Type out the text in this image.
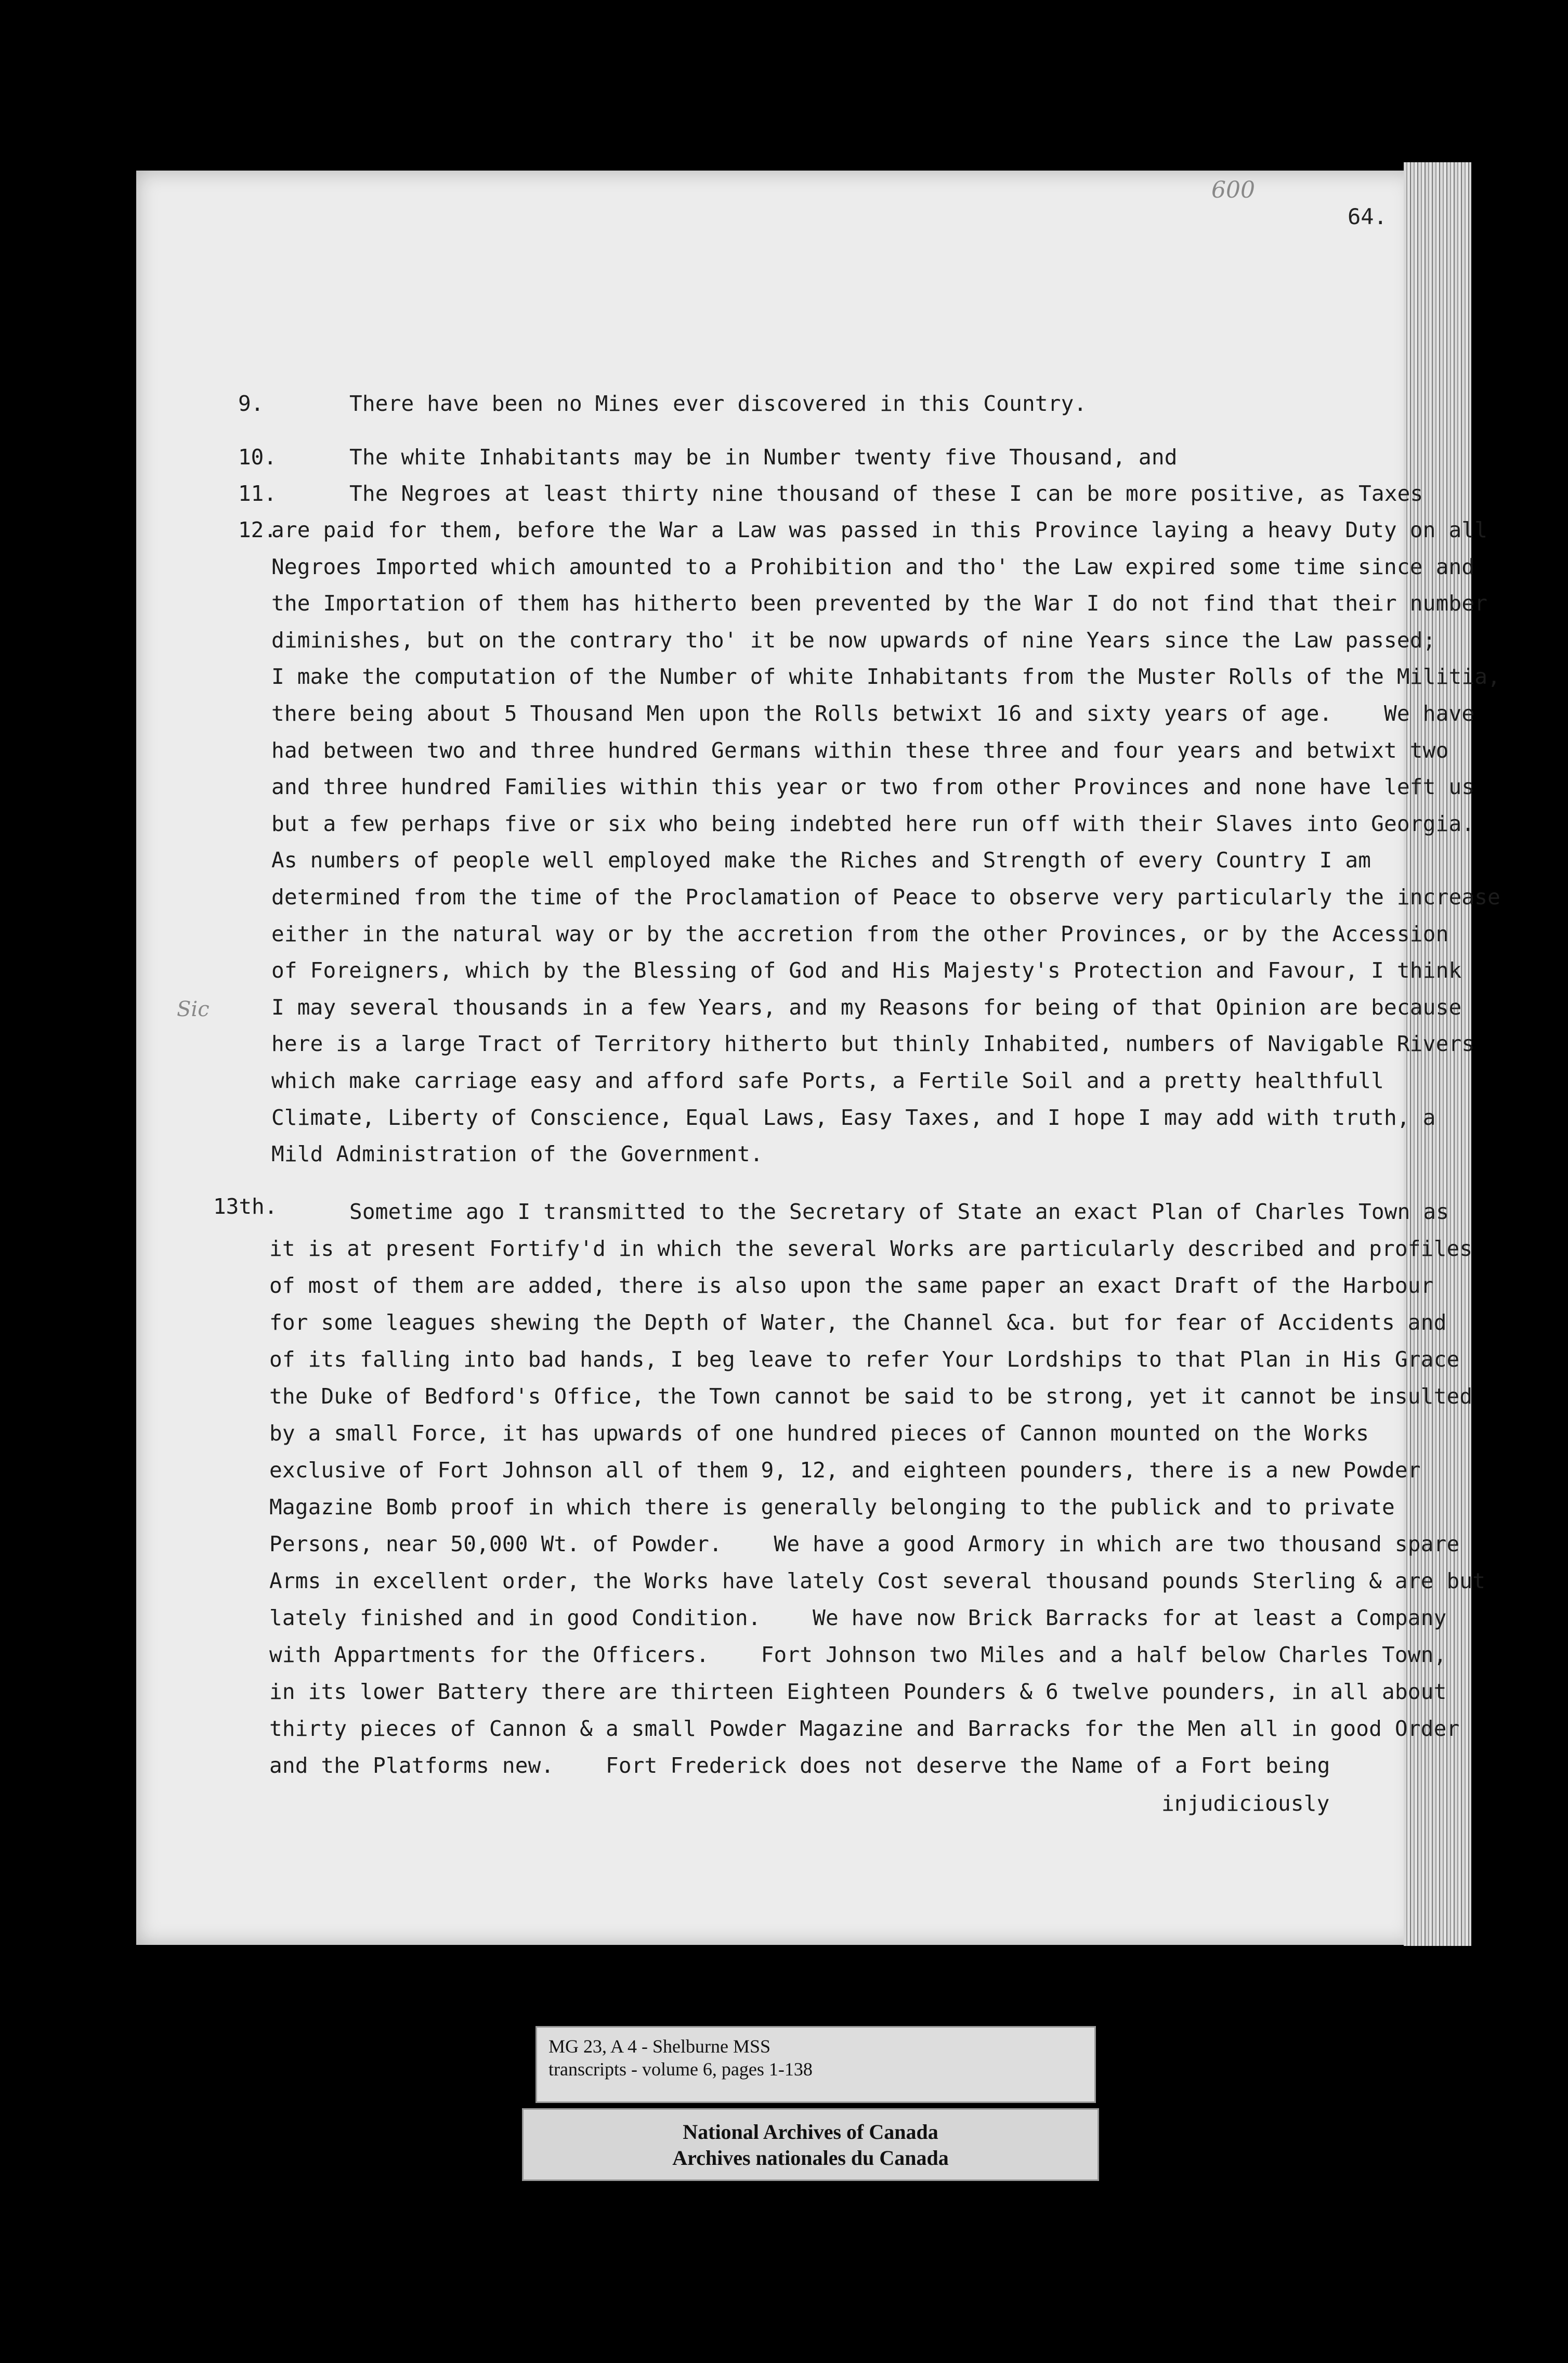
600
64.
Sic
9.	There have been no Mines ever discovered in this Country.
10.	The white Inhabitants may be in Number twenty five Thousand, and
11.	The Negroes at least thirty nine thousand of these I can be more positive, as Taxes
12.
are paid for them, before the War a Law was passed in this Province laying a heavy Duty on all
Negroes Imported which amounted to a Prohibition and tho' the Law expired some time since and
the Importation of them has hitherto been prevented by the War I do not find that their number
diminishes, but on the contrary tho' it be now upwards of nine Years since the Law passed;
I make the computation of the Number of white Inhabitants from the Muster Rolls of the Militia,
there being about 5 Thousand Men upon the Rolls betwixt 16 and sixty years of age.    We have
had between two and three hundred Germans within these three and four years and betwixt two
and three hundred Families within this year or two from other Provinces and none have left us
but a few perhaps five or six who being indebted here run off with their Slaves into Georgia.
As numbers of people well employed make the Riches and Strength of every Country I am
determined from the time of the Proclamation of Peace to observe very particularly the increase
either in the natural way or by the accretion from the other Provinces, or by the Accession
of Foreigners, which by the Blessing of God and His Majesty's Protection and Favour, I think
I may several thousands in a few Years, and my Reasons for being of that Opinion are because
here is a large Tract of Territory hitherto but thinly Inhabited, numbers of Navigable Rivers
which make carriage easy and afford safe Ports, a Fertile Soil and a pretty healthfull
Climate, Liberty of Conscience, Equal Laws, Easy Taxes, and I hope I may add with truth, a
Mild Administration of the Government.
13th.	Sometime ago I transmitted to the Secretary of State an exact Plan of Charles Town as
it is at present Fortify'd in which the several Works are particularly described and profiles
of most of them are added, there is also upon the same paper an exact Draft of the Harbour
for some leagues shewing the Depth of Water, the Channel &ca. but for fear of Accidents and
of its falling into bad hands, I beg leave to refer Your Lordships to that Plan in His Grace
the Duke of Bedford's Office, the Town cannot be said to be strong, yet it cannot be insulted
by a small Force, it has upwards of one hundred pieces of Cannon mounted on the Works
exclusive of Fort Johnson all of them 9, 12, and eighteen pounders, there is a new Powder
Magazine Bomb proof in which there is generally belonging to the publick and to private
Persons, near 50,000 Wt. of Powder.    We have a good Armory in which are two thousand spare
Arms in excellent order, the Works have lately Cost several thousand pounds Sterling & are but
lately finished and in good Condition.    We have now Brick Barracks for at least a Company
with Appartments for the Officers.    Fort Johnson two Miles and a half below Charles Town,
in its lower Battery there are thirteen Eighteen Pounders & 6 twelve pounders, in all about
thirty pieces of Cannon & a small Powder Magazine and Barracks for the Men all in good Order
and the Platforms new.    Fort Frederick does not deserve the Name of a Fort being
injudiciously
MG 23, A 4 - Shelburne MSS
transcripts - volume 6, pages 1-138
National Archives of Canada
Archives nationales du Canada
